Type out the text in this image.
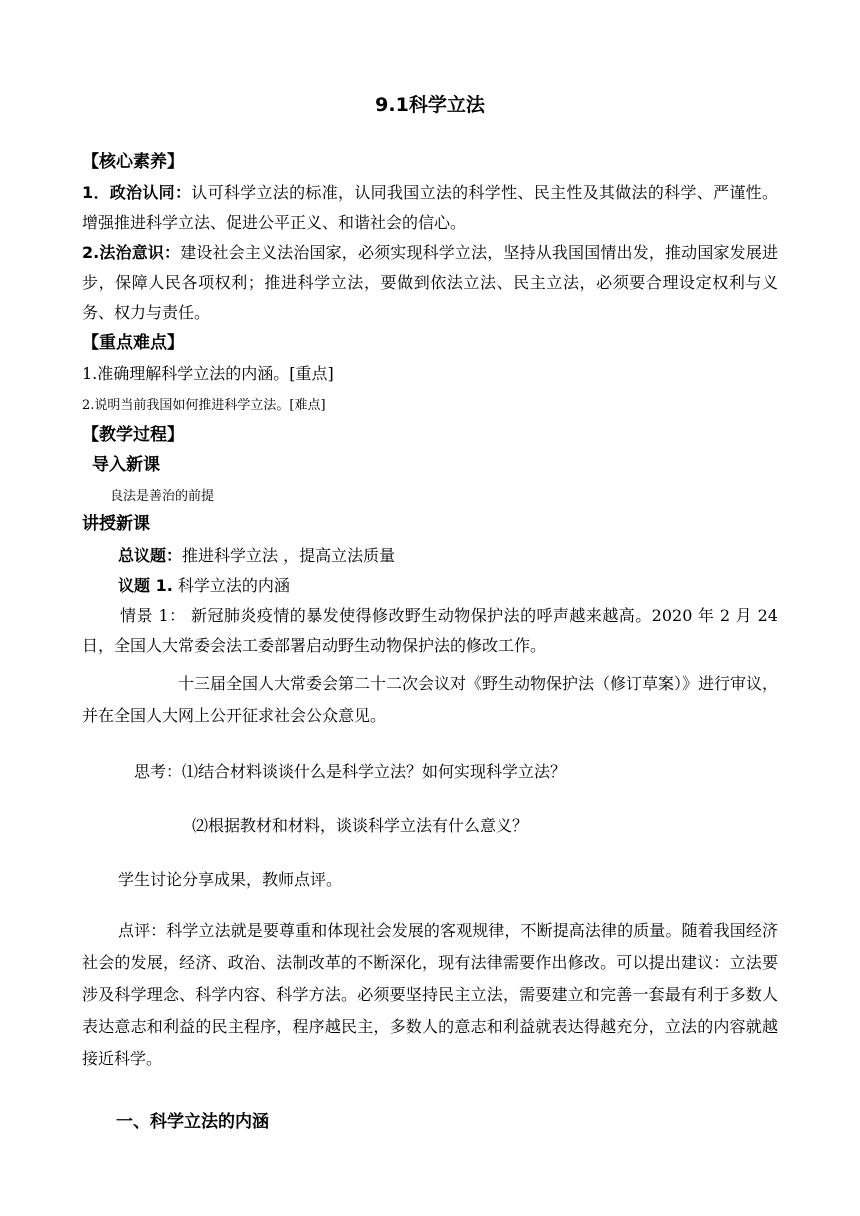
9.1科学立法
【核心素养】
1．政治认同：认可科学立法的标准，认同我国立法的科学性、民主性及其做法的科学、严谨性。增强推进科学立法、促进公平正义、和谐社会的信心。
2.法治意识：建设社会主义法治国家，必须实现科学立法，坚持从我国国情出发，推动国家发展进步，保障人民各项权利；推进科学立法，要做到依法立法、民主立法，必须要合理设定权利与义务、权力与责任。
【重点难点】
1.准确理解科学立法的内涵。[重点]
2.说明当前我国如何推进科学立法。[难点]
【教学过程】
导入新课
良法是善治的前提
讲授新课
总议题：推进科学立法 ，提高立法质量
议题 1. 科学立法的内涵
情景 1： 新冠肺炎疫情的暴发使得修改野生动物保护法的呼声越来越高。2020 年 2 月 24 日，全国人大常委会法工委部署启动野生动物保护法的修改工作。
十三届全国人大常委会第二十二次会议对《野生动物保护法（修订草案）》进行审议，并在全国人大网上公开征求社会公众意见。
思考：⑴结合材料谈谈什么是科学立法？如何实现科学立法？
⑵根据教材和材料，谈谈科学立法有什么意义？
学生讨论分享成果，教师点评。
点评：科学立法就是要尊重和体现社会发展的客观规律，不断提高法律的质量。随着我国经济社会的发展，经济、政治、法制改革的不断深化，现有法律需要作出修改。可以提出建议：立法要涉及科学理念、科学内容、科学方法。必须要坚持民主立法，需要建立和完善一套最有利于多数人表达意志和利益的民主程序，程序越民主，多数人的意志和利益就表达得越充分，立法的内容就越接近科学。
一、科学立法的内涵
